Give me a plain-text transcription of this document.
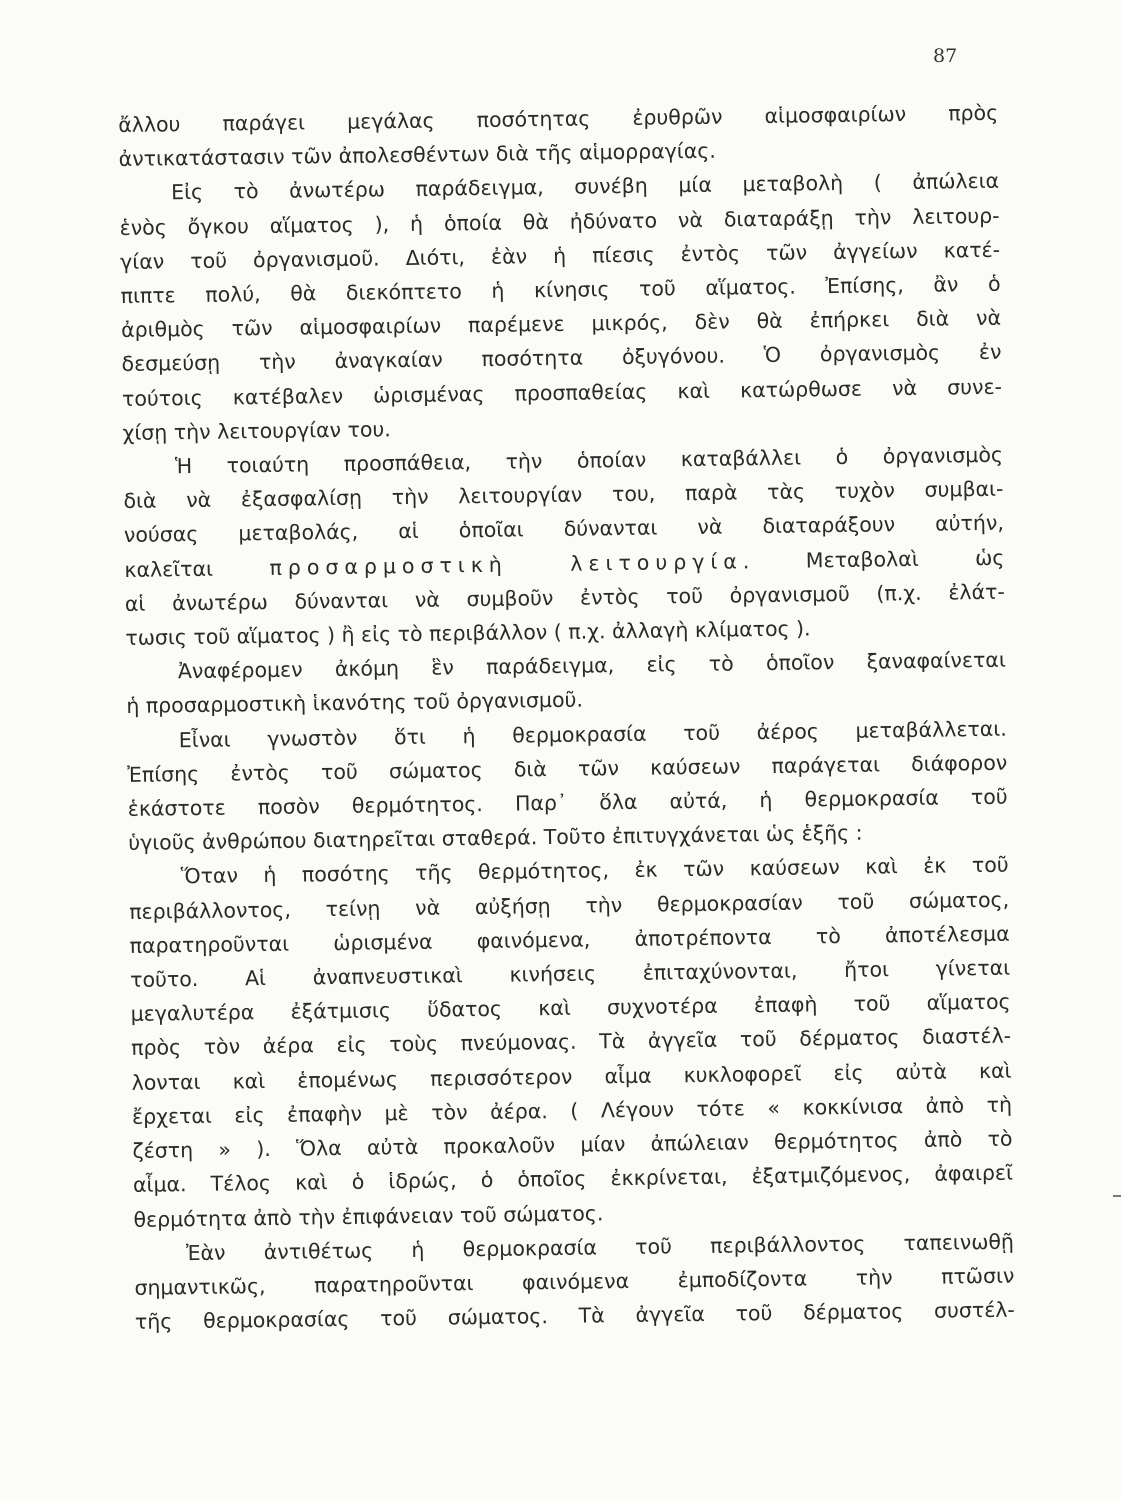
87
ἄλλου παράγει μεγάλας ποσότητας ἐρυθρῶν αἱμοσφαιρίων πρὸς
ἀντικατάστασιν τῶν ἀπολεσθέντων διὰ τῆς αἱμορραγίας.
Εἰς τὸ ἀνωτέρω παράδειγμα, συνέβη μία μεταβολὴ ( ἀπώλεια
ἑνὸς ὄγκου αἵματος ), ἡ ὁποία θὰ ἠδύνατο νὰ διαταράξῃ τὴν λειτουρ-
γίαν τοῦ ὀργανισμοῦ. Διότι, ἐὰν ἡ πίεσις ἐντὸς τῶν ἀγγείων κατέ-
πιπτε πολύ, θὰ διεκόπτετο ἡ κίνησις τοῦ αἵματος. Ἐπίσης, ἂν ὁ
ἀριθμὸς τῶν αἱμοσφαιρίων παρέμενε μικρός, δὲν θὰ ἐπήρκει διὰ νὰ
δεσμεύσῃ τὴν ἀναγκαίαν ποσότητα ὀξυγόνου. Ὁ ὀργανισμὸς ἐν
τούτοις κατέβαλεν ὡρισμένας προσπαθείας καὶ κατώρθωσε νὰ συνε-
χίσῃ τὴν λειτουργίαν του.
Ἡ τοιαύτη προσπάθεια, τὴν ὁποίαν καταβάλλει ὁ ὀργανισμὸς
διὰ νὰ ἐξασφαλίσῃ τὴν λειτουργίαν του, παρὰ τὰς τυχὸν συμβαι-
νούσας μεταβολάς, αἱ ὁποῖαι δύνανται νὰ διαταράξουν αὐτήν,
καλεῖται προσαρμοστικὴ λειτουργία. Μεταβολαὶ ὡς
αἱ ἀνωτέρω δύνανται νὰ συμβοῦν ἐντὸς τοῦ ὀργανισμοῦ (π.χ. ἐλάτ-
τωσις τοῦ αἵματος ) ἢ εἰς τὸ περιβάλλον ( π.χ. ἀλλαγὴ κλίματος ).
Ἀναφέρομεν ἀκόμη ἓν παράδειγμα, εἰς τὸ ὁποῖον ξαναφαίνεται
ἡ προσαρμοστικὴ ἱκανότης τοῦ ὀργανισμοῦ.
Εἶναι γνωστὸν ὅτι ἡ θερμοκρασία τοῦ ἀέρος μεταβάλλεται.
Ἐπίσης ἐντὸς τοῦ σώματος διὰ τῶν καύσεων παράγεται διάφορον
ἑκάστοτε ποσὸν θερμότητος. Παρ᾽ ὅλα αὐτά, ἡ θερμοκρασία τοῦ
ὑγιοῦς ἀνθρώπου διατηρεῖται σταθερά. Τοῦτο ἐπιτυγχάνεται ὡς ἑξῆς :
Ὅταν ἡ ποσότης τῆς θερμότητος, ἐκ τῶν καύσεων καὶ ἐκ τοῦ
περιβάλλοντος, τείνῃ νὰ αὐξήσῃ τὴν θερμοκρασίαν τοῦ σώματος,
παρατηροῦνται ὡρισμένα φαινόμενα, ἀποτρέποντα τὸ ἀποτέλεσμα
τοῦτο. Αἱ ἀναπνευστικαὶ κινήσεις ἐπιταχύνονται, ἤτοι γίνεται
μεγαλυτέρα ἐξάτμισις ὕδατος καὶ συχνοτέρα ἐπαφὴ τοῦ αἵματος
πρὸς τὸν ἀέρα εἰς τοὺς πνεύμονας. Τὰ ἀγγεῖα τοῦ δέρματος διαστέλ-
λονται καὶ ἑπομένως περισσότερον αἷμα κυκλοφορεῖ εἰς αὐτὰ καὶ
ἔρχεται εἰς ἐπαφὴν μὲ τὸν ἀέρα. ( Λέγουν τότε « κοκκίνισα ἀπὸ τὴ
ζέστη » ). Ὅλα αὐτὰ προκαλοῦν μίαν ἀπώλειαν θερμότητος ἀπὸ τὸ
αἷμα. Τέλος καὶ ὁ ἱδρώς, ὁ ὁποῖος ἐκκρίνεται, ἐξατμιζόμενος, ἀφαιρεῖ
θερμότητα ἀπὸ τὴν ἐπιφάνειαν τοῦ σώματος.
Ἐὰν ἀντιθέτως ἡ θερμοκρασία τοῦ περιβάλλοντος ταπεινωθῇ
σημαντικῶς, παρατηροῦνται φαινόμενα ἐμποδίζοντα τὴν πτῶσιν
τῆς θερμοκρασίας τοῦ σώματος. Τὰ ἀγγεῖα τοῦ δέρματος συστέλ-
